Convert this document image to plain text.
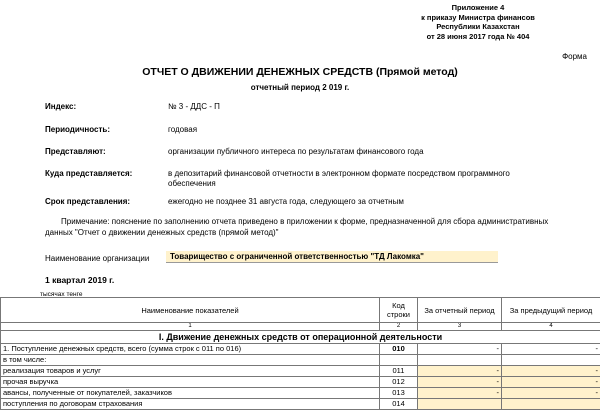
Приложение 4
к приказу Министра финансов
Республики Казахстан
от 28 июня 2017 года № 404
Форма
ОТЧЕТ О ДВИЖЕНИИ ДЕНЕЖНЫХ СРЕДСТВ (Прямой метод)
отчетный период 2 019 г.
Индекс:	№ 3 - ДДС - П
Периодичность:	годовая
Представляют:	организации публичного интереса по результатам финансового года
Куда представляется:	в депозитарий финансовой отчетности в электронном формате посредством программного
обеспечения
Срок представления:	ежегодно не позднее 31 августа года, следующего за отчетным
Примечание: пояснение по заполнению отчета приведено в приложении к форме, предназначенной для сбора административных
данных "Отчет о движении денежных средств (прямой метод)"
Наименование организации	Товарищество с ограниченной ответственностью "ТД Лакомка"
1 квартал 2019 г.
тысячах тенге
Наименование показателей	Код строки	За отчетный период	За предыдущий период
1	2	3	4
I. Движение денежных средств от операционной деятельности			
1. Поступление денежных средств, всего (сумма строк с 011 по 016)	010	-	-
в том числе:			
реализация товаров и услуг	011	-	-
прочая выручка	012	-	-
авансы, полученные от покупателей, заказчиков	013	-	-
поступления по договорам страхования	014		
